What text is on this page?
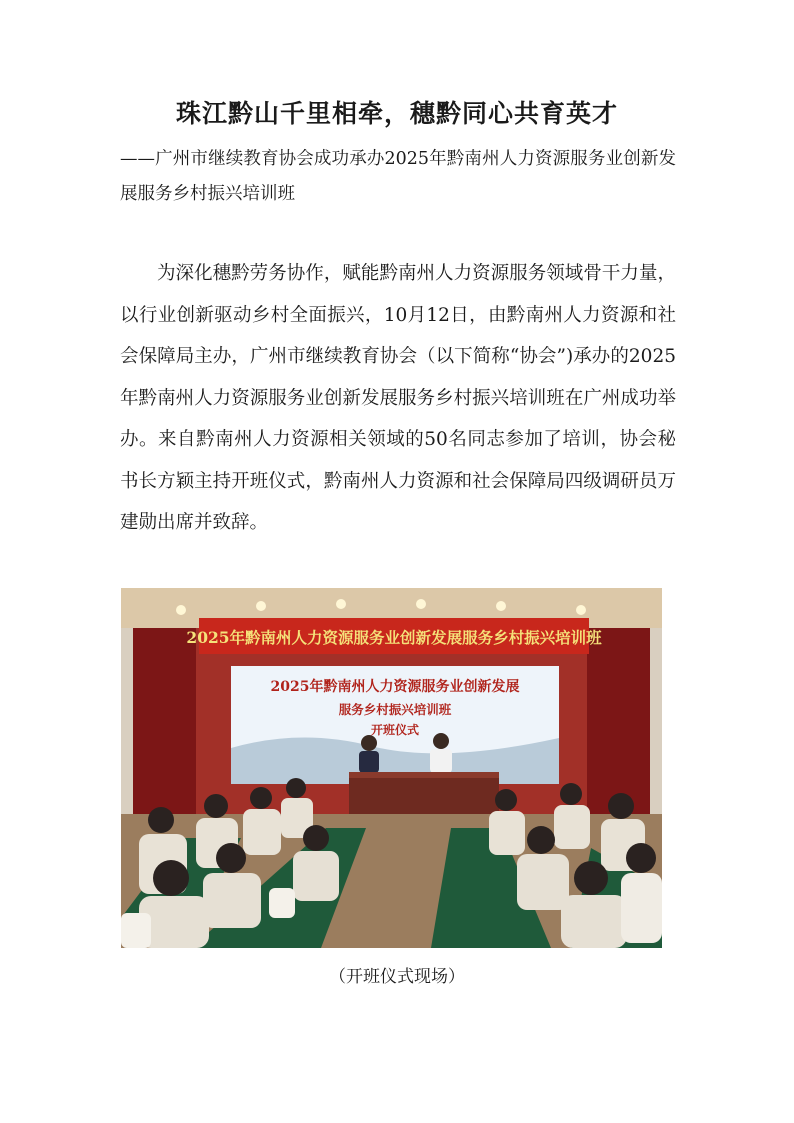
珠江黔山千里相牵，穗黔同心共育英才
——广州市继续教育协会成功承办2025年黔南州人力资源服务业创新发展服务乡村振兴培训班

为深化穗黔劳务协作，赋能黔南州人力资源服务领域骨干力量，以行业创新驱动乡村全面振兴，10月12日，由黔南州人力资源和社会保障局主办，广州市继续教育协会（以下简称“协会”)承办的2025年黔南州人力资源服务业创新发展服务乡村振兴培训班在广州成功举办。来自黔南州人力资源相关领域的50名同志参加了培训，协会秘书长方颖主持开班仪式，黔南州人力资源和社会保障局四级调研员万建勋出席并致辞。

2025年黔南州人力资源服务业创新发展服务乡村振兴培训班
2025年黔南州人力资源服务业创新发展
服务乡村振兴培训班
开班仪式
（开班仪式现场）
